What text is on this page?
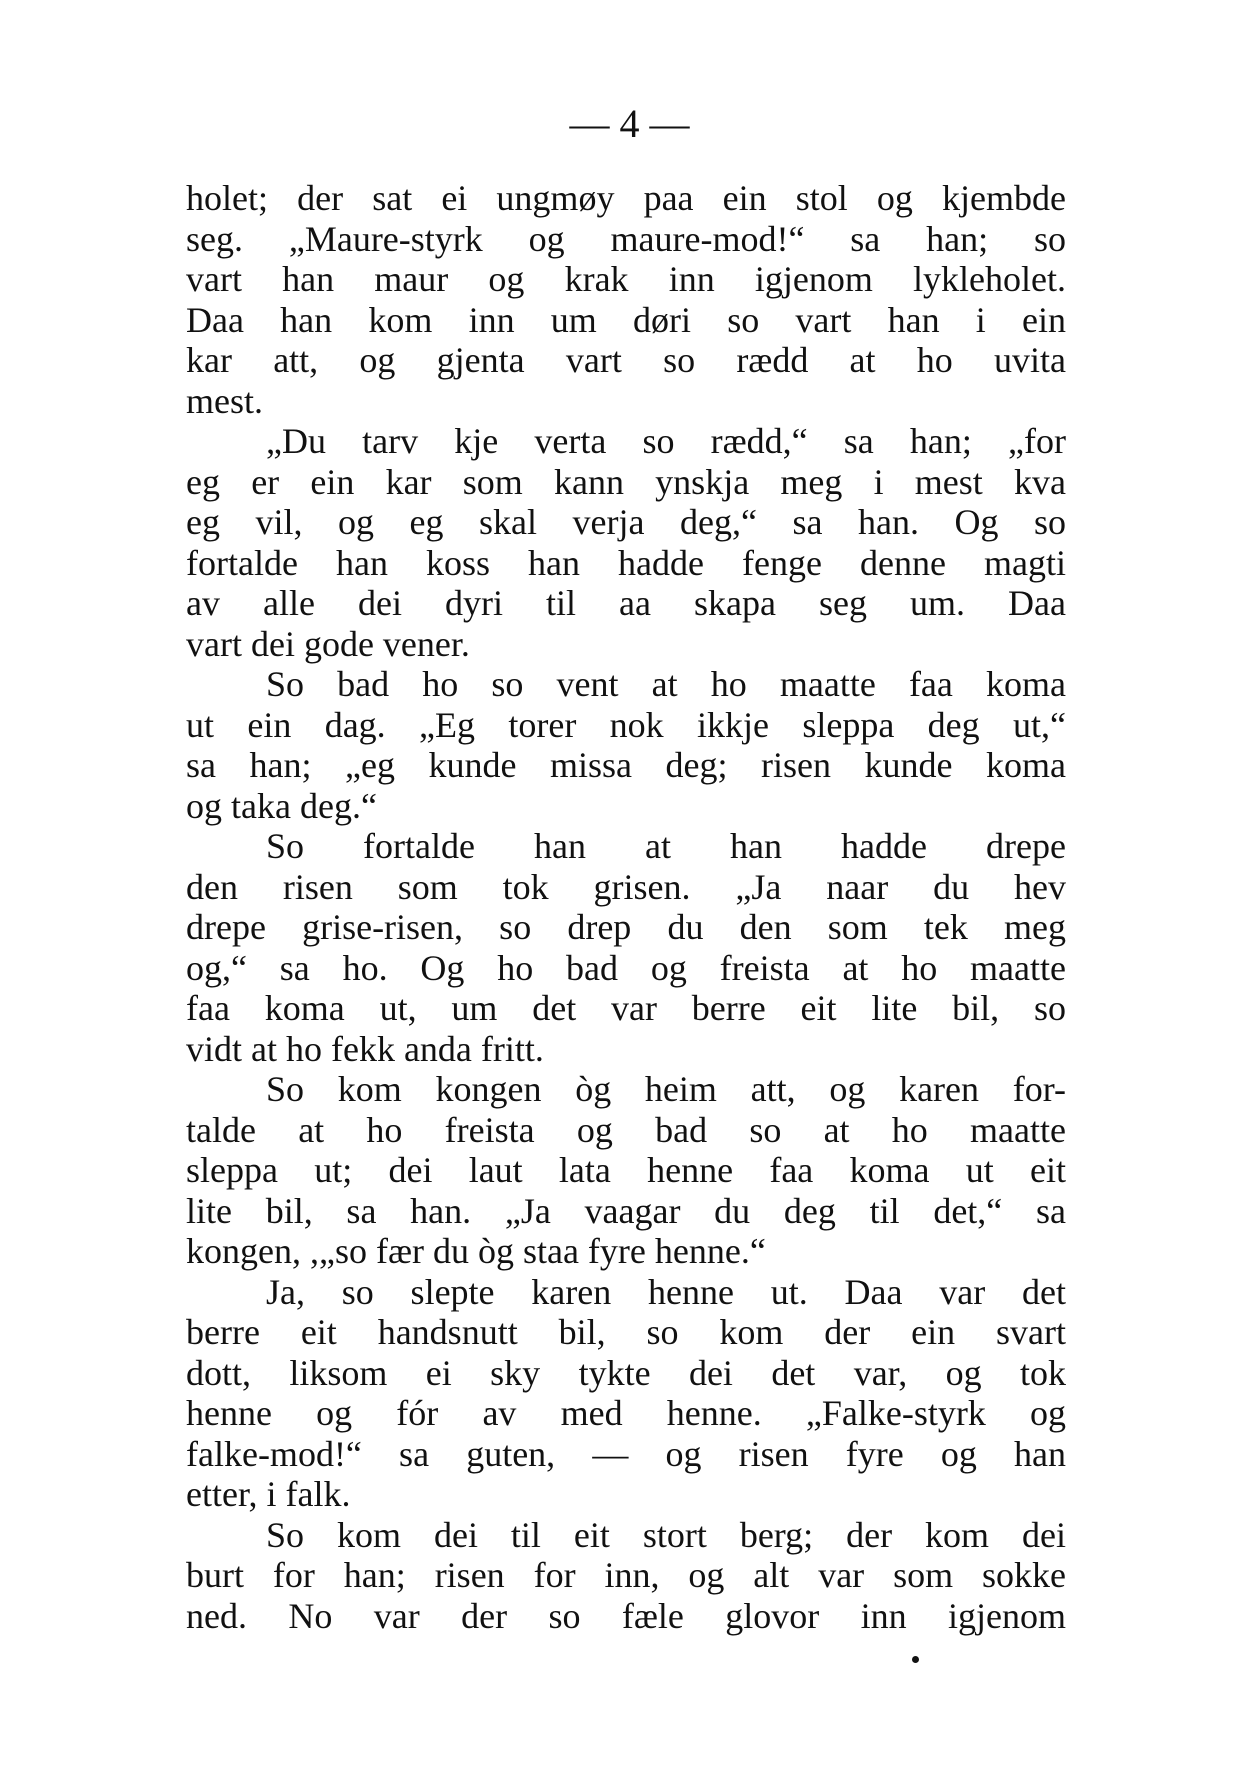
— 4 —
holet; der sat ei ungmøy paa ein stol og kjembde
seg. „Maure-styrk og maure-mod!“ sa han; so
vart han maur og krak inn igjenom lykleholet.
Daa han kom inn um døri so vart han i ein
kar att, og gjenta vart so rædd at ho uvita
mest.
„Du tarv kje verta so rædd,“ sa han; „for
eg er ein kar som kann ynskja meg i mest kva
eg vil, og eg skal verja deg,“ sa han. Og so
fortalde han koss han hadde fenge denne magti
av alle dei dyri til aa skapa seg um. Daa
vart dei gode vener.
So bad ho so vent at ho maatte faa koma
ut ein dag. „Eg torer nok ikkje sleppa deg ut,“
sa han; „eg kunde missa deg; risen kunde koma
og taka deg.“
So fortalde han at han hadde drepe
den risen som tok grisen. „Ja naar du hev
drepe grise-risen, so drep du den som tek meg
og,“ sa ho. Og ho bad og freista at ho maatte
faa koma ut, um det var berre eit lite bil, so
vidt at ho fekk anda fritt.
So kom kongen òg heim att, og karen for-
talde at ho freista og bad so at ho maatte
sleppa ut; dei laut lata henne faa koma ut eit
lite bil, sa han. „Ja vaagar du deg til det,“ sa
kongen, ,„so fær du òg staa fyre henne.“
Ja, so slepte karen henne ut. Daa var det
berre eit handsnutt bil, so kom der ein svart
dott, liksom ei sky tykte dei det var, og tok
henne og fór av med henne. „Falke-styrk og
falke-mod!“ sa guten, — og risen fyre og han
etter, i falk.
So kom dei til eit stort berg; der kom dei
burt for han; risen for inn, og alt var som sokke
ned. No var der so fæle glovor inn igjenom
